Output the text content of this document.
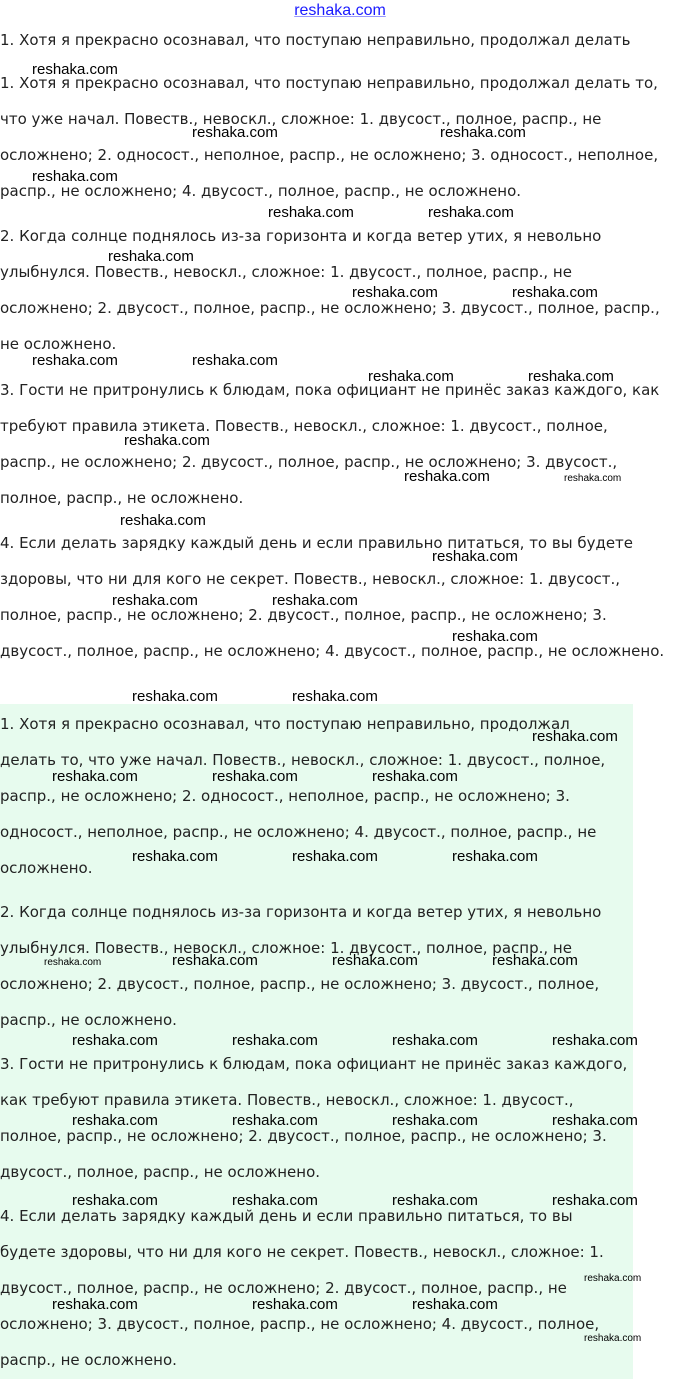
reshaka.com
1. Хотя я прекрасно осознавал, что поступаю неправильно, продолжал делать

1. Хотя я прекрасно осознавал, что поступаю неправильно, продолжал делать то, что уже начал. Повеств., невоскл., сложное: 1. двусост., полное, распр., не осложнено; 2. односост., неполное, распр., не осложнено; 3. односост., неполное, распр., не осложнено; 4. двусост., полное, распр., не осложнено.

2. Когда солнце поднялось из-за горизонта и когда ветер утих, я невольно улыбнулся. Повеств., невоскл., сложное: 1. двусост., полное, распр., не осложнено; 2. двусост., полное, распр., не осложнено; 3. двусост., полное, распр., не осложнено.

3. Гости не притронулись к блюдам, пока официант не принёс заказ каждого, как требуют правила этикета. Повеств., невоскл., сложное: 1. двусост., полное, распр., не осложнено; 2. двусост., полное, распр., не осложнено; 3. двусост., полное, распр., не осложнено.

4. Если делать зарядку каждый день и если правильно питаться, то вы будете здоровы, что ни для кого не секрет. Повеств., невоскл., сложное: 1. двусост., полное, распр., не осложнено; 2. двусост., полное, распр., не осложнено; 3. двусост., полное, распр., не осложнено; 4. двусост., полное, распр., не осложнено.

1. Хотя я прекрасно осознавал, что поступаю неправильно, продолжал делать то, что уже начал. Повеств., невоскл., сложное: 1. двусост., полное, распр., не осложнено; 2. односост., неполное, распр., не осложнено; 3. односост., неполное, распр., не осложнено; 4. двусост., полное, распр., не осложнено.

2. Когда солнце поднялось из-за горизонта и когда ветер утих, я невольно улыбнулся. Повеств., невоскл., сложное: 1. двусост., полное, распр., не осложнено; 2. двусост., полное, распр., не осложнено; 3. двусост., полное, распр., не осложнено.

3. Гости не притронулись к блюдам, пока официант не принёс заказ каждого, как требуют правила этикета. Повеств., невоскл., сложное: 1. двусост., полное, распр., не осложнено; 2. двусост., полное, распр., не осложнено; 3. двусост., полное, распр., не осложнено.

4. Если делать зарядку каждый день и если правильно питаться, то вы будете здоровы, что ни для кого не секрет. Повеств., невоскл., сложное: 1. двусост., полное, распр., не осложнено; 2. двусост., полное, распр., не осложнено; 3. двусост., полное, распр., не осложнено; 4. двусост., полное, распр., не осложнено.

reshaka.com
reshaka.com	reshaka.com
reshaka.com
reshaka.com	reshaka.com
reshaka.com
reshaka.com	reshaka.com
reshaka.com	reshaka.com
reshaka.com	reshaka.com
reshaka.com
reshaka.com	reshaka.com
reshaka.com
reshaka.com
reshaka.com	reshaka.com
reshaka.com
reshaka.com	reshaka.com
reshaka.com
reshaka.com	reshaka.com	reshaka.com
reshaka.com	reshaka.com	reshaka.com
reshaka.com	reshaka.com	reshaka.com	reshaka.com
reshaka.com	reshaka.com	reshaka.com	reshaka.com
reshaka.com	reshaka.com	reshaka.com	reshaka.com
reshaka.com	reshaka.com	reshaka.com	reshaka.com
reshaka.com
reshaka.com	reshaka.com	reshaka.com
reshaka.com
